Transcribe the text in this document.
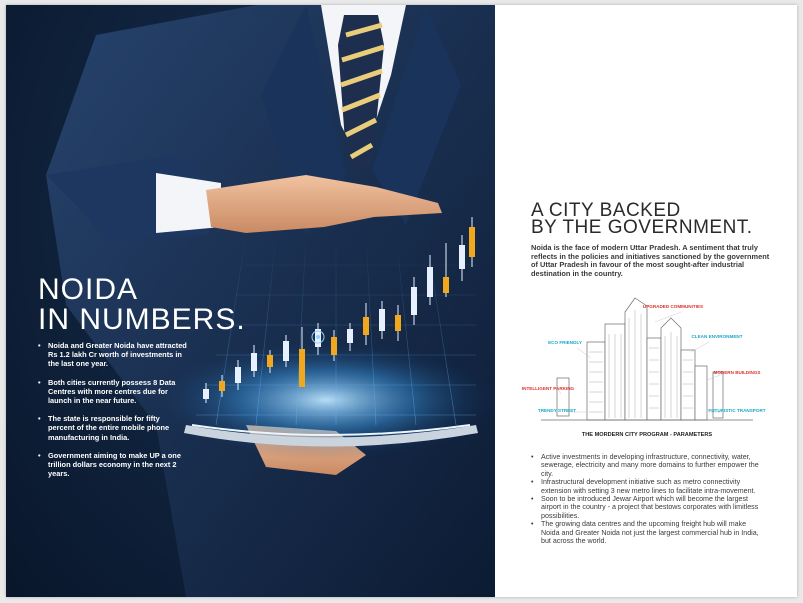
NOIDA
IN NUMBERS.
• Noida and Greater Noida have attracted Rs 1.2 lakh Cr worth of investments in the last one year.
• Both cities currently possess 8 Data Centres with more centres due for launch in the near future.
• The state is responsible for fifty percent of the entire mobile phone manufacturing in India.
• Government aiming to make UP a one trillion dollars economy in the next 2 years.
A CITY BACKED
BY THE GOVERNMENT.

Noida is the face of modern Uttar Pradesh. A sentiment that truly reflects in the policies and initiatives sanctioned by the government of Uttar Pradesh in favour of the most sought-after industrial destination in the country.

UPGRADED COMMUNITIES
ECO FRIENDLY
CLEAN ENVIRONMENT
MODERN BUILDINGS
INTELLIGENT PARKING
TRENDY STREET	FUTURISTIC TRANSPORT

THE MORDERN CITY PROGRAM - PARAMETERS

• Active investments in developing infrastructure, connectivity, water, sewerage, electricity and many more domains to further empower the city.
• Infrastructural development initiative such as metro connectivity extension with setting 3 new metro lines to facilitate intra-movement.
• Soon to be introduced Jewar Airport which will become the largest airport in the country - a project that bestows corporates with limitless possibilities.
• The growing data centres and the upcoming freight hub will make Noida and Greater Noida not just the largest commercial hub in India, but across the world.
